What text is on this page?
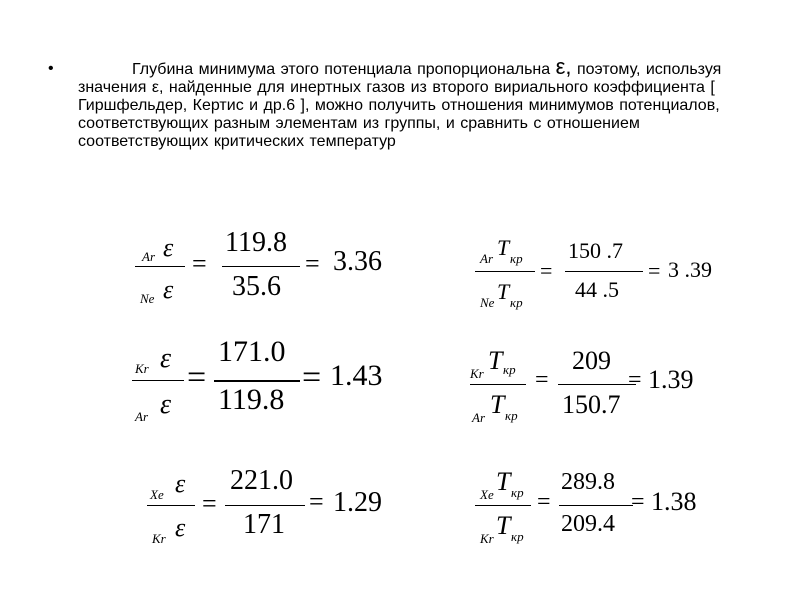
•	Глубина минимума этого потенциала пропорциональна ε, поэтому, используя значения ε, найденные для инертных газов из второго вириального коэффициента [ Гиршфельдер, Кертис и др.6 ], можно получить отношения минимумов потенциалов, соответствующих разным элементам из группы, и сравнить с отношением соответствующих критических температур
Ar ε
Ne ε
=
119.8
35.6
= 3.36	Ar T кр
Ne T кр
=
150 .7
44 .5
= 3 .39
Kr ε
Ar ε
=
171.0
119.8
= 1.43	Kr T кр
Ar T кр
=
209
150.7
= 1.39
Xe ε
Kr ε
=
221.0
171
= 1.29	Xe T кр
Kr T кр
=
289.8
209.4
= 1.38
